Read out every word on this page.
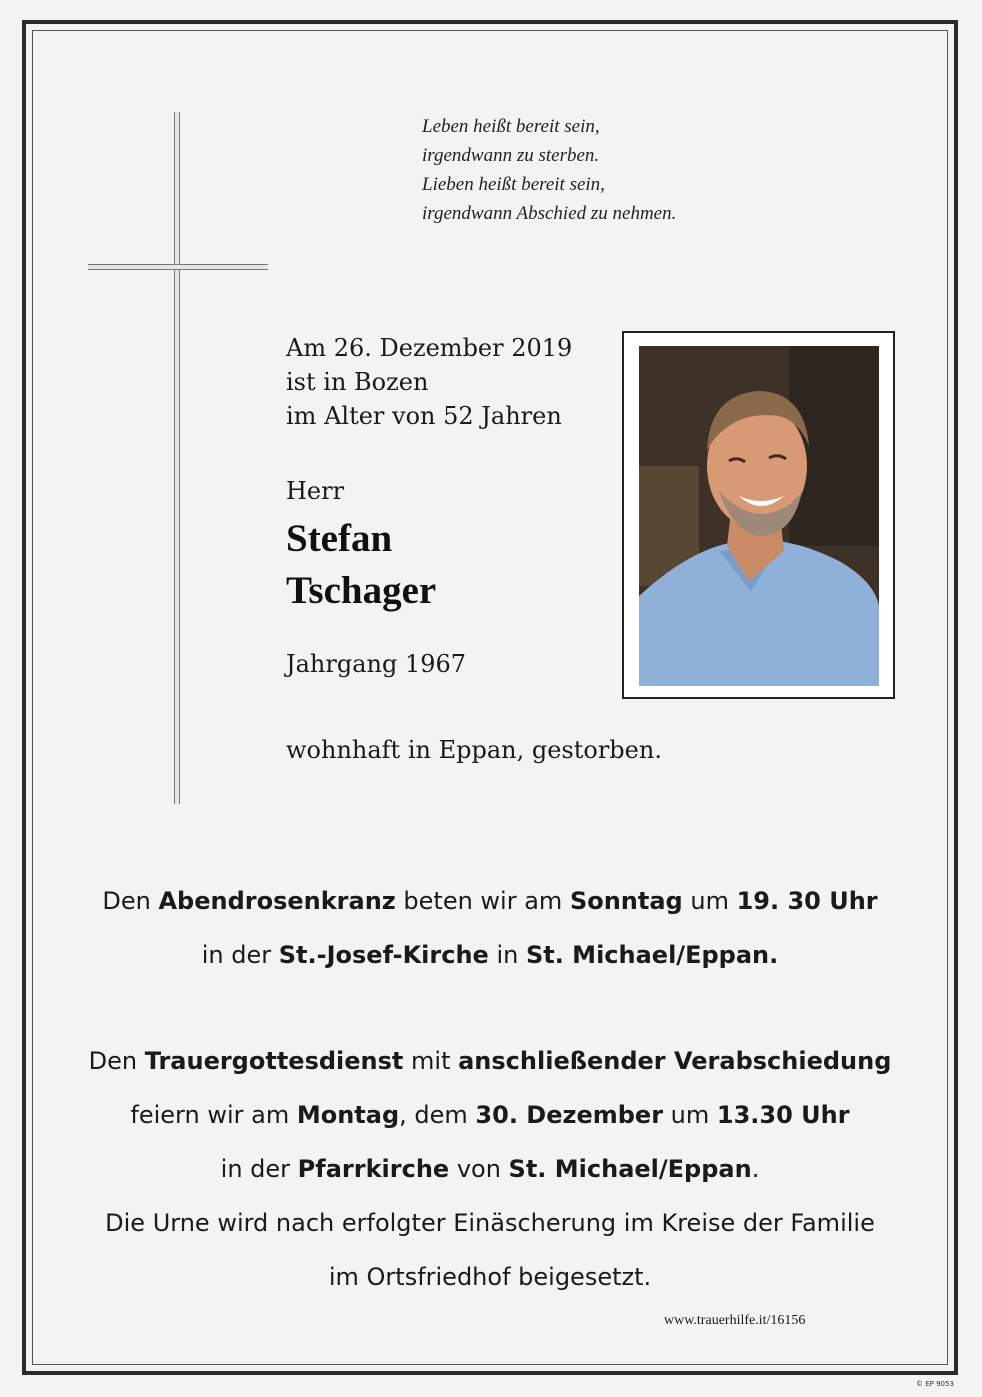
Leben heißt bereit sein,
irgendwann zu sterben.
Lieben heißt bereit sein,
irgendwann Abschied zu nehmen.
Am 26. Dezember 2019
ist in Bozen
im Alter von 52 Jahren
Herr
Stefan
Tschager
Jahrgang 1967
wohnhaft in Eppan, gestorben.
Den Abendrosenkranz beten wir am Sonntag um 19. 30 Uhr
in der St.-Josef-Kirche in St. Michael/Eppan.
Den Trauergottesdienst mit anschließender Verabschiedung
feiern wir am Montag, dem 30. Dezember um 13.30 Uhr
in der Pfarrkirche von St. Michael/Eppan.
Die Urne wird nach erfolgter Einäscherung im Kreise der Familie
im Ortsfriedhof beigesetzt.
www.trauerhilfe.it/16156
© EP 9053
